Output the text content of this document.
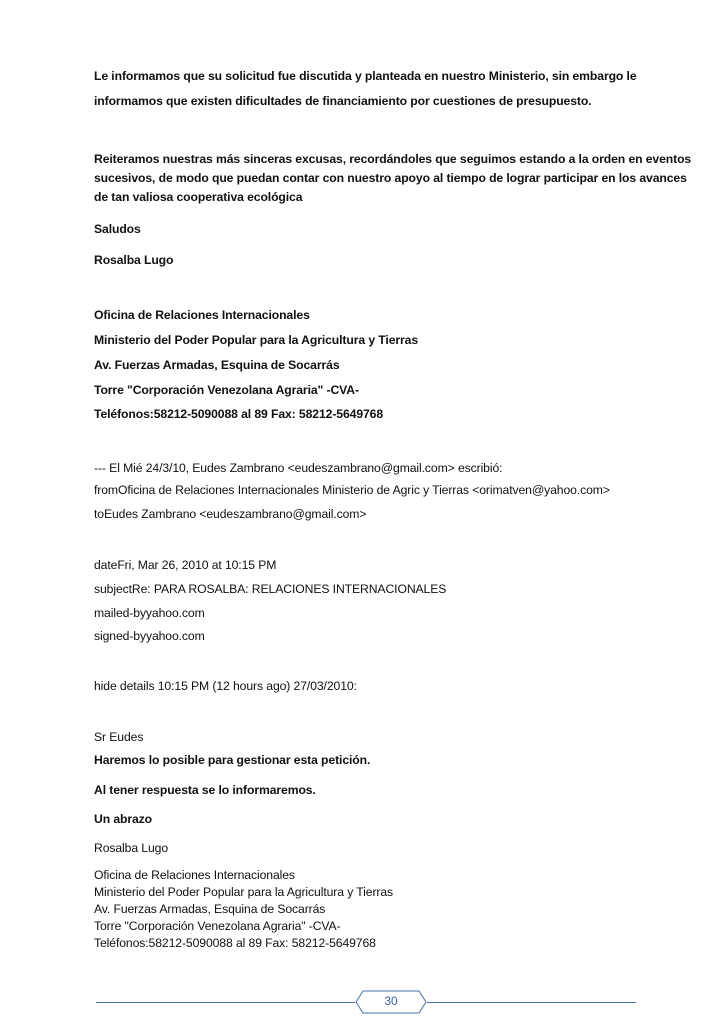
Le informamos que su solicitud fue discutida y planteada en nuestro Ministerio, sin embargo le
informamos que existen dificultades de financiamiento por cuestiones de presupuesto.
Reiteramos nuestras más sinceras excusas, recordándoles que seguimos estando a la orden en eventos
sucesivos, de modo que puedan contar con nuestro apoyo al tiempo de lograr participar en los avances
de tan valiosa cooperativa ecológica
Saludos
Rosalba Lugo
Oficina de Relaciones Internacionales
Ministerio del Poder Popular para la Agricultura y Tierras
Av. Fuerzas Armadas, Esquina de Socarrás
Torre "Corporación Venezolana Agraria" -CVA-
Teléfonos:58212-5090088 al 89 Fax: 58212-5649768
--- El Mié 24/3/10, Eudes Zambrano <eudeszambrano@gmail.com> escribió:
fromOficina de Relaciones Internacionales Ministerio de Agric y Tierras <orimatven@yahoo.com>
toEudes Zambrano <eudeszambrano@gmail.com>
dateFri, Mar 26, 2010 at 10:15 PM
subjectRe: PARA ROSALBA: RELACIONES INTERNACIONALES
mailed-byyahoo.com
signed-byyahoo.com
hide details 10:15 PM (12 hours ago) 27/03/2010:
Sr Eudes
Haremos lo posible para gestionar esta petición.
Al tener respuesta se lo informaremos.
Un abrazo
Rosalba Lugo
Oficina de Relaciones Internacionales
Ministerio del Poder Popular para la Agricultura y Tierras
Av. Fuerzas Armadas, Esquina de Socarrás
Torre "Corporación Venezolana Agraria" -CVA-
Teléfonos:58212-5090088 al 89 Fax: 58212-5649768
30
